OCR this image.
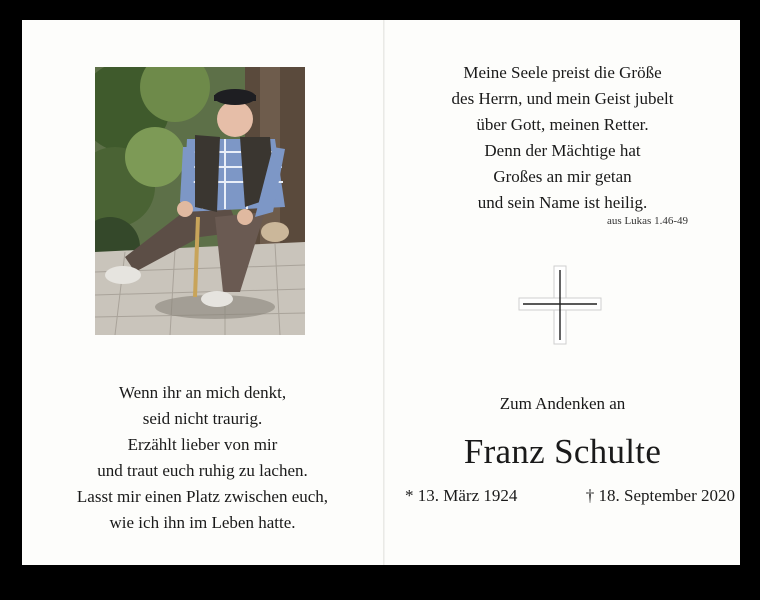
Wenn ihr an mich denkt,
seid nicht traurig.
Erzählt lieber von mir
und traut euch ruhig zu lachen.
Lasst mir einen Platz zwischen euch,
wie ich ihn im Leben hatte.
Meine Seele preist die Größe
des Herrn, und mein Geist jubelt
über Gott, meinen Retter.
Denn der Mächtige hat
Großes an mir getan
und sein Name ist heilig.
aus Lukas 1.46-49
Zum Andenken an
Franz Schulte
* 13. März 1924	† 18. September 2020
